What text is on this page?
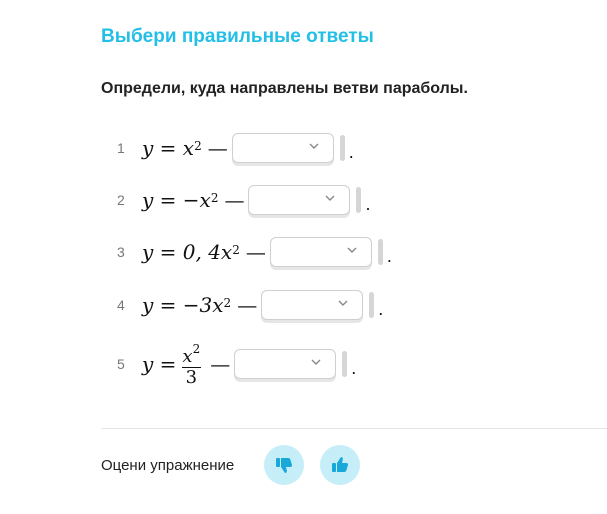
Выбери правильные ответы
Определи, куда направлены ветви параболы.
1 $y = x^2$ —	.
2 $y = -x^2$ —	.
3 y = 0, $4x^2$ —	.
4 $y = -3x^2$ —	.
5 $y = \frac{x^2}{3}$ —	.
Оцени упражнение
